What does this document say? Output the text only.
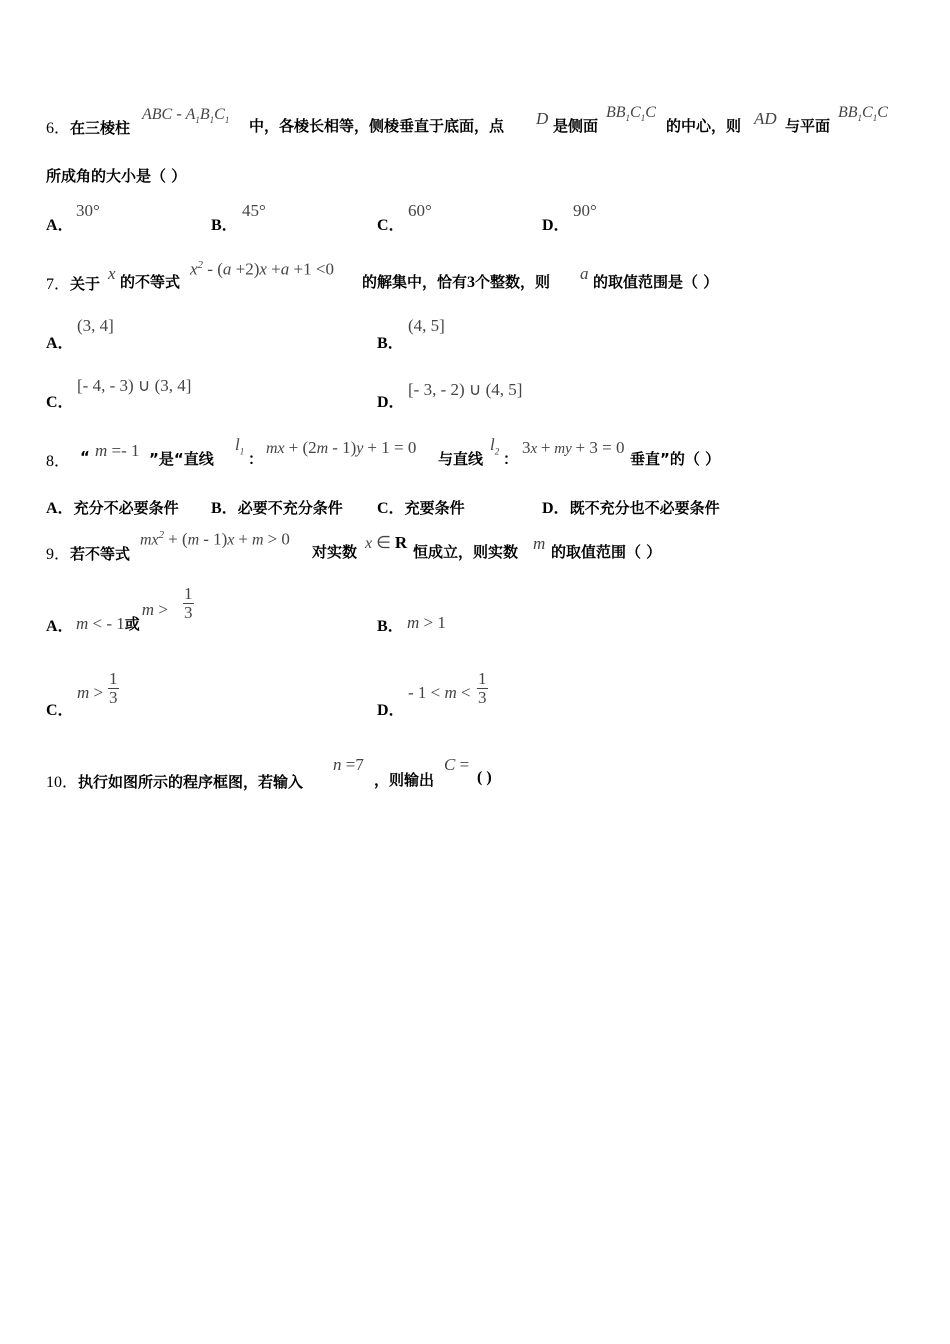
6．在三棱柱
ABC - $A_1B_1C_1$ 中，各棱长相等，侧棱垂直于底面，点 D 是侧面
$BB_1C_1C$
的中心，则 AD 与平面
$BB_1C_1C$
所成角的大小是（ ）
A．
30°
B．
45°
C．
60°
D．
90°
7．关于
x 的不等式
$x^2 - (a +2)x +a +1 <0$
的解集中，恰有3个整数，则 a 的取值范围是（ ）
A．
(3, 4]
B．
(4, 5]
C．
[- 4, - 3) ∪ (3, 4]
D．
[- 3, - 2) ∪ (4, 5]
8． “ m =- 1 ”是“直线
$l_1$ ：
mx + (2m - 1)y + 1 = 0
与直线
$l_2$ ：
3x + my + 3 = 0
垂直”的（ ）
A．充分不必要条件 B．必要不充分条件 C．充要条件	D．既不充分也不必要条件
9．若不等式
$mx^2 + (m - 1)x + m > 0$
对实数 x ∈ R 恒成立，则实数 m 的取值范围（ ）
A． m < - 1或$m > \frac{1}{3}$
B． m > 1
C．
$m > \frac{1}{3}$
D．
- $1 < m < \frac{1}{3}$
10．执行如图所示的程序框图，若输入
n =7
，则输出
C =
( )
